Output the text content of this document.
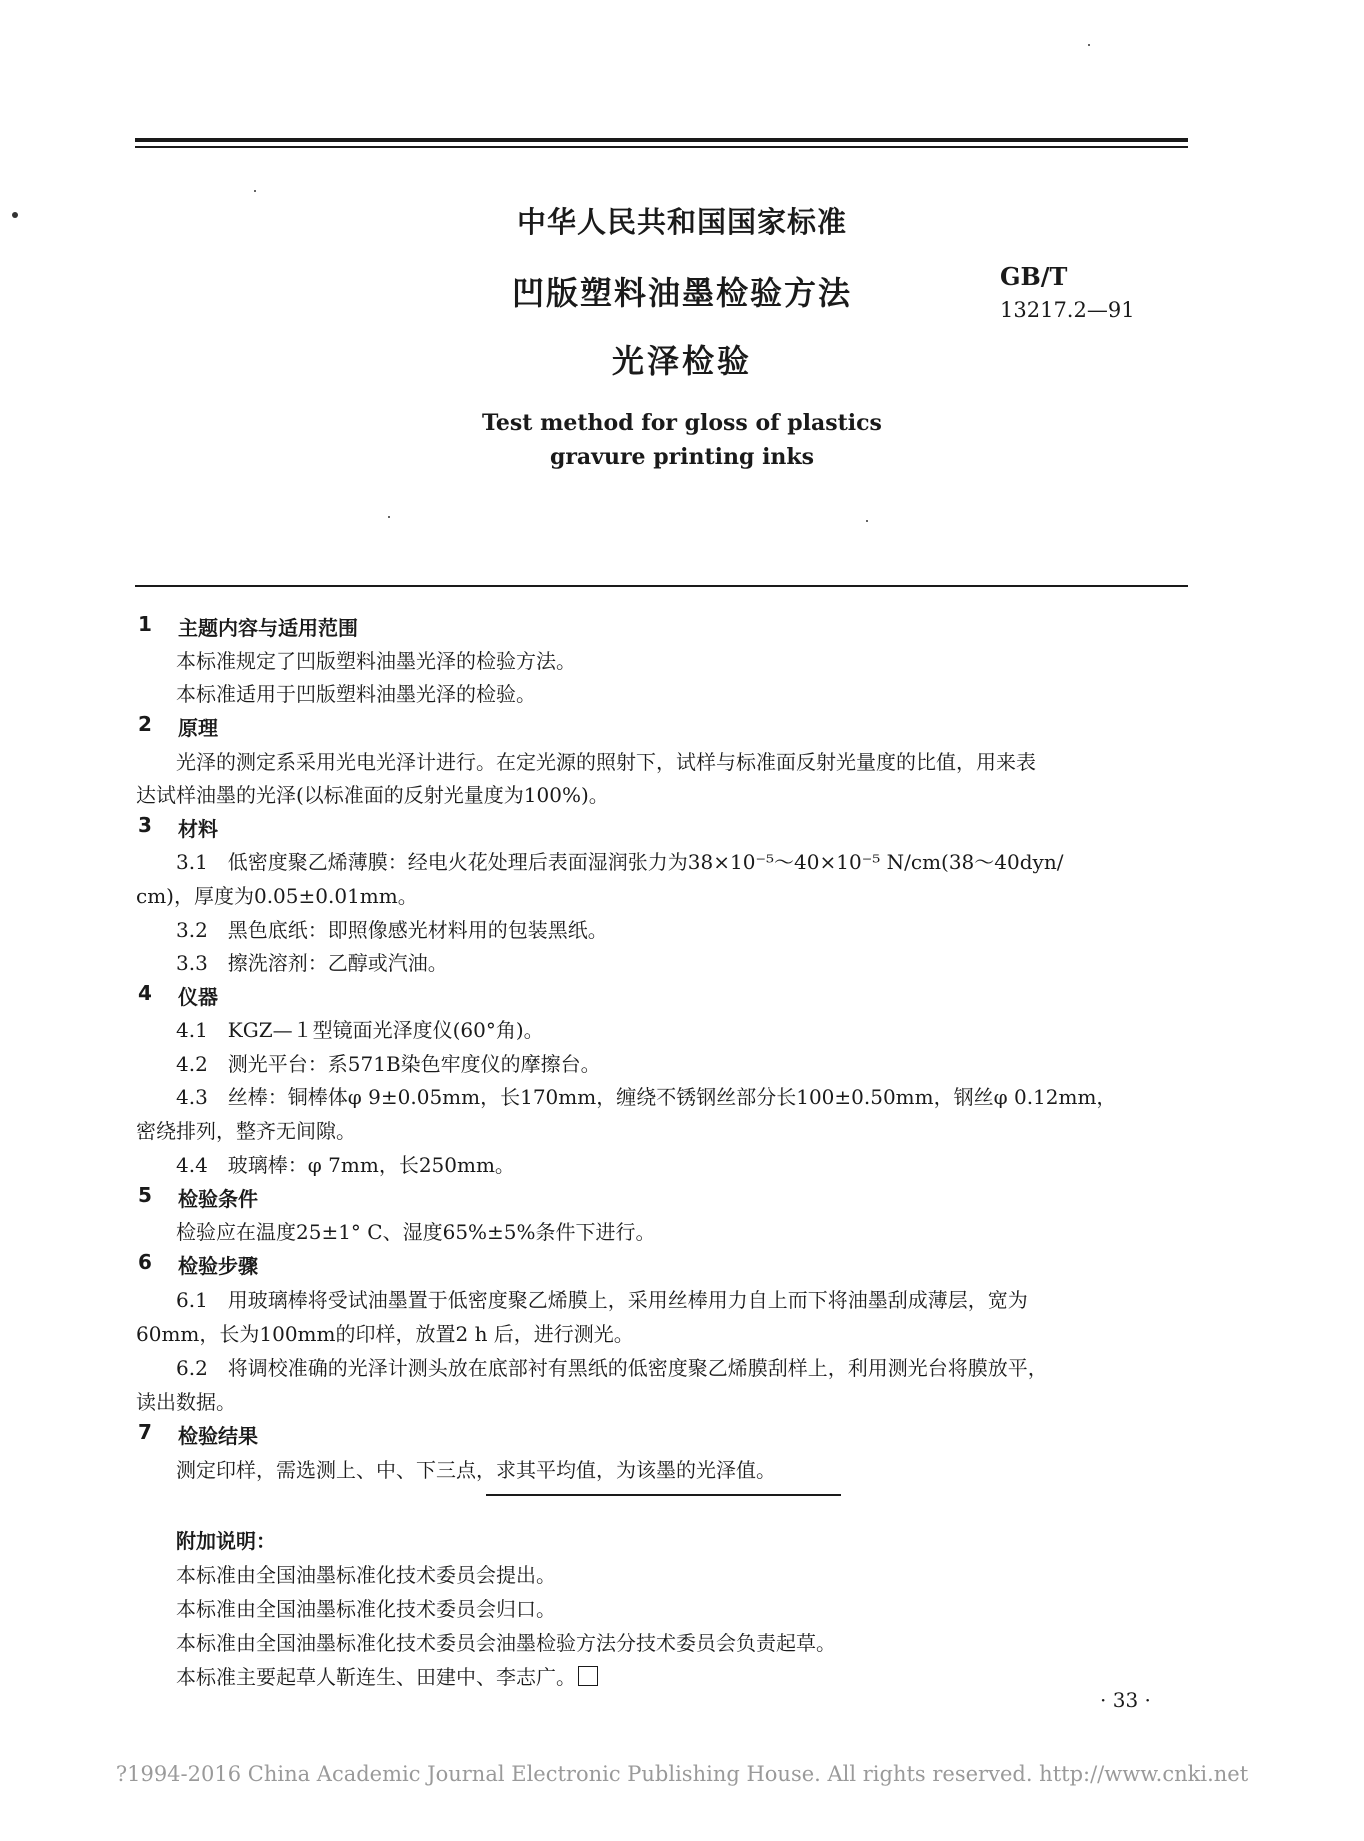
中华人民共和国国家标准
凹版塑料油墨检验方法
光泽检验
GB/T
13217.2—91
Test method for gloss of plastics
gravure printing inks
1 主题内容与适用范围
本标准规定了凹版塑料油墨光泽的检验方法。
本标准适用于凹版塑料油墨光泽的检验。
2 原理
光泽的测定系采用光电光泽计进行。在定光源的照射下，试样与标准面反射光量度的比值，用来表
达试样油墨的光泽(以标准面的反射光量度为100%)。
3 材料
3.1　低密度聚乙烯薄膜：经电火花处理后表面湿润张力为38×10⁻⁵～40×10⁻⁵ N/cm(38～40dyn/
cm)，厚度为0.05±0.01mm。
3.2　黑色底纸：即照像感光材料用的包装黑纸。
3.3　擦洗溶剂：乙醇或汽油。
4 仪器
4.1　KGZ—１型镜面光泽度仪(60°角)。
4.2　测光平台：系571B染色牢度仪的摩擦台。
4.3　丝棒：铜棒体φ 9±0.05mm，长170mm，缠绕不锈钢丝部分长100±0.50mm，钢丝φ 0.12mm，
密绕排列，整齐无间隙。
4.4　玻璃棒：φ 7mm，长250mm。
5 检验条件
检验应在温度25±1° C、湿度65%±5%条件下进行。
6 检验步骤
6.1　用玻璃棒将受试油墨置于低密度聚乙烯膜上，采用丝棒用力自上而下将油墨刮成薄层，宽为
60mm，长为100mm的印样，放置2 h 后，进行测光。
6.2　将调校准确的光泽计测头放在底部衬有黑纸的低密度聚乙烯膜刮样上，利用测光台将膜放平，
读出数据。
7 检验结果
测定印样，需选测上、中、下三点，求其平均值，为该墨的光泽值。
附加说明：
本标准由全国油墨标准化技术委员会提出。
本标准由全国油墨标准化技术委员会归口。
本标准由全国油墨标准化技术委员会油墨检验方法分技术委员会负责起草。
本标准主要起草人靳连生、田建中、李志广。
· 33 ·
?1994-2016 China Academic Journal Electronic Publishing House. All rights reserved. http://www.cnki.net
